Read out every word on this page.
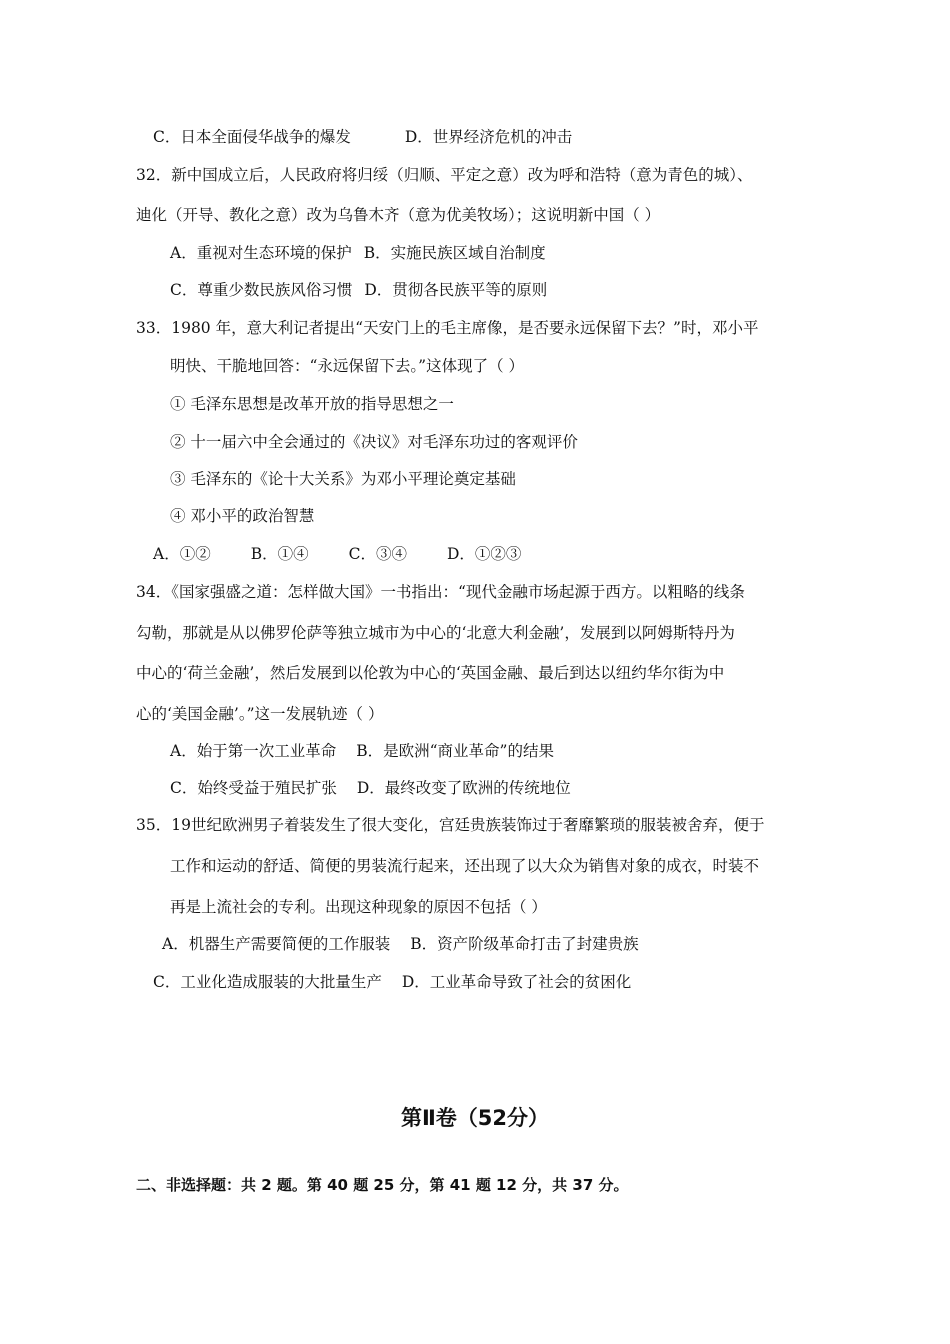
C．日本全面侵华战争的爆发	D．世界经济危机的冲击
32．新中国成立后，人民政府将归绥（归顺、平定之意）改为呼和浩特（意为青色的城）、
迪化（开导、教化之意）改为乌鲁木齐（意为优美牧场）；这说明新中国（ ）
A．重视对生态环境的保护 B．实施民族区域自治制度
C．尊重少数民族风俗习惯 D．贯彻各民族平等的原则
33．1980 年，意大利记者提出“天安门上的毛主席像，是否要永远保留下去？”时，邓小平
明快、干脆地回答：“永远保留下去。”这体现了（ ）
① 毛泽东思想是改革开放的指导思想之一
② 十一届六中全会通过的《决议》对毛泽东功过的客观评价
③ 毛泽东的《论十大关系》为邓小平理论奠定基础
④ 邓小平的政治智慧
A．①②	B．①④	C．③④	D．①②③
34．《国家强盛之道：怎样做大国》一书指出：“现代金融市场起源于西方。以粗略的线条
勾勒，那就是从以佛罗伦萨等独立城市为中心的‘北意大利金融’，发展到以阿姆斯特丹为
中心的‘荷兰金融’，然后发展到以伦敦为中心的‘英国金融、最后到达以纽约华尔街为中
心的‘美国金融’。”这一发展轨迹（ ）
A．始于第一次工业革命 B．是欧洲“商业革命”的结果
C．始终受益于殖民扩张 D．最终改变了欧洲的传统地位
35．19世纪欧洲男子着装发生了很大变化，宫廷贵族装饰过于奢靡繁琐的服装被舍弃，便于
工作和运动的舒适、简便的男装流行起来，还出现了以大众为销售对象的成衣，时装不
再是上流社会的专利。出现这种现象的原因不包括（ ）
A．机器生产需要简便的工作服装 B．资产阶级革命打击了封建贵族
C．工业化造成服装的大批量生产 D．工业革命导致了社会的贫困化
第Ⅱ卷（52分）
二、非选择题：共 2 题。第 40 题 25 分，第 41 题 12 分，共 37 分。
